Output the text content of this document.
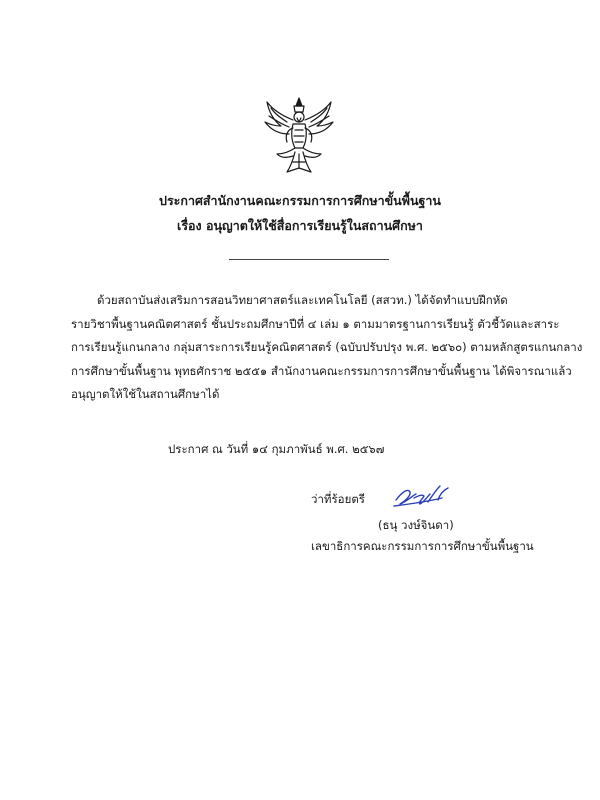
ประกาศสำนักงานคณะกรรมการการศึกษาขั้นพื้นฐาน
เรื่อง อนุญาตให้ใช้สื่อการเรียนรู้ในสถานศึกษา
ด้วยสถาบันส่งเสริมการสอนวิทยาศาสตร์และเทคโนโลยี (สสวท.) ได้จัดทำแบบฝึกหัด
รายวิชาพื้นฐานคณิตศาสตร์ ชั้นประถมศึกษาปีที่ ๔ เล่ม ๑ ตามมาตรฐานการเรียนรู้ ตัวชี้วัดและสาระ
การเรียนรู้แกนกลาง กลุ่มสาระการเรียนรู้คณิตศาสตร์ (ฉบับปรับปรุง พ.ศ. ๒๕๖๐) ตามหลักสูตรแกนกลาง
การศึกษาขั้นพื้นฐาน พุทธศักราช ๒๕๕๑ สำนักงานคณะกรรมการการศึกษาขั้นพื้นฐาน ได้พิจารณาแล้ว
อนุญาตให้ใช้ในสถานศึกษาได้
ประกาศ ณ วันที่ ๑๔ กุมภาพันธ์ พ.ศ. ๒๕๖๗
ว่าที่ร้อยตรี
(ธนุ วงษ์จินดา)
เลขาธิการคณะกรรมการการศึกษาขั้นพื้นฐาน
